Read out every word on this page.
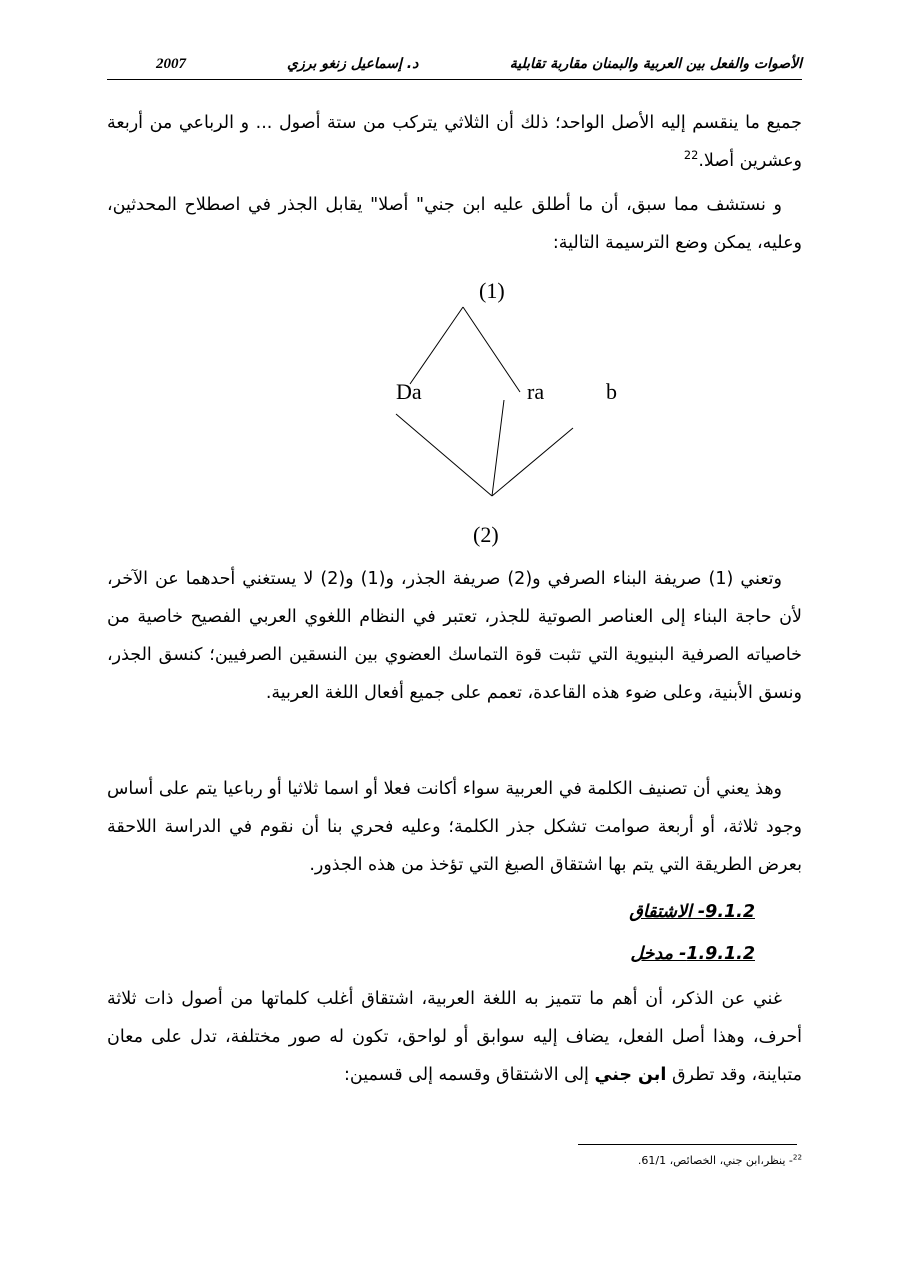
الأصوات والفعل بين العربية والبمنان مقاربة تقابلية
د. إسماعيل زنغو برزي
2007
جميع ما ينقسم إليه الأصل الواحد؛ ذلك أن الثلاثي يتركب من ستة أصول ... و الرباعي من أربعة وعشرين أصلا.$^{22}$
و نستشف مما سبق، أن ما أطلق عليه ابن جني" أصلا" يقابل الجذر في اصطلاح المحدثين، وعليه، يمكن وضع الترسيمة التالية:
(1)
Da	ra	b
(2)
وتعني (1) صريفة البناء الصرفي و(2) صريفة الجذر، و(1) و(2) لا يستغني أحدهما عن الآخر، لأن حاجة البناء إلى العناصر الصوتية للجذر، تعتبر في النظام اللغوي العربي الفصيح خاصية من خاصياته الصرفية البنيوية التي تثبت قوة التماسك العضوي بين النسقين الصرفيين؛ كنسق الجذر، ونسق الأبنية، وعلى ضوء هذه القاعدة، تعمم على جميع أفعال اللغة العربية.
وهذ يعني أن تصنيف الكلمة في العربية سواء أكانت فعلا أو اسما ثلاثيا أو رباعيا يتم على أساس وجود ثلاثة، أو أربعة صوامت تشكل جذر الكلمة؛ وعليه فحري بنا أن نقوم في الدراسة اللاحقة بعرض الطريقة التي يتم بها اشتقاق الصيغ التي تؤخذ من هذه الجذور.
9.1.2- الاشتقاق
1.9.1.2- مدخل
غني عن الذكر، أن أهم ما تتميز به اللغة العربية، اشتقاق أغلب كلماتها من أصول ذات ثلاثة أحرف، وهذا أصل الفعل، يضاف إليه سوابق أو لواحق، تكون له صور مختلفة، تدل على معان متباينة، وقد تطرق ابن جني إلى الاشتقاق وقسمه إلى قسمين:
$^{22}$- ينظر،ابن جني، الخصائص، 61/1.
